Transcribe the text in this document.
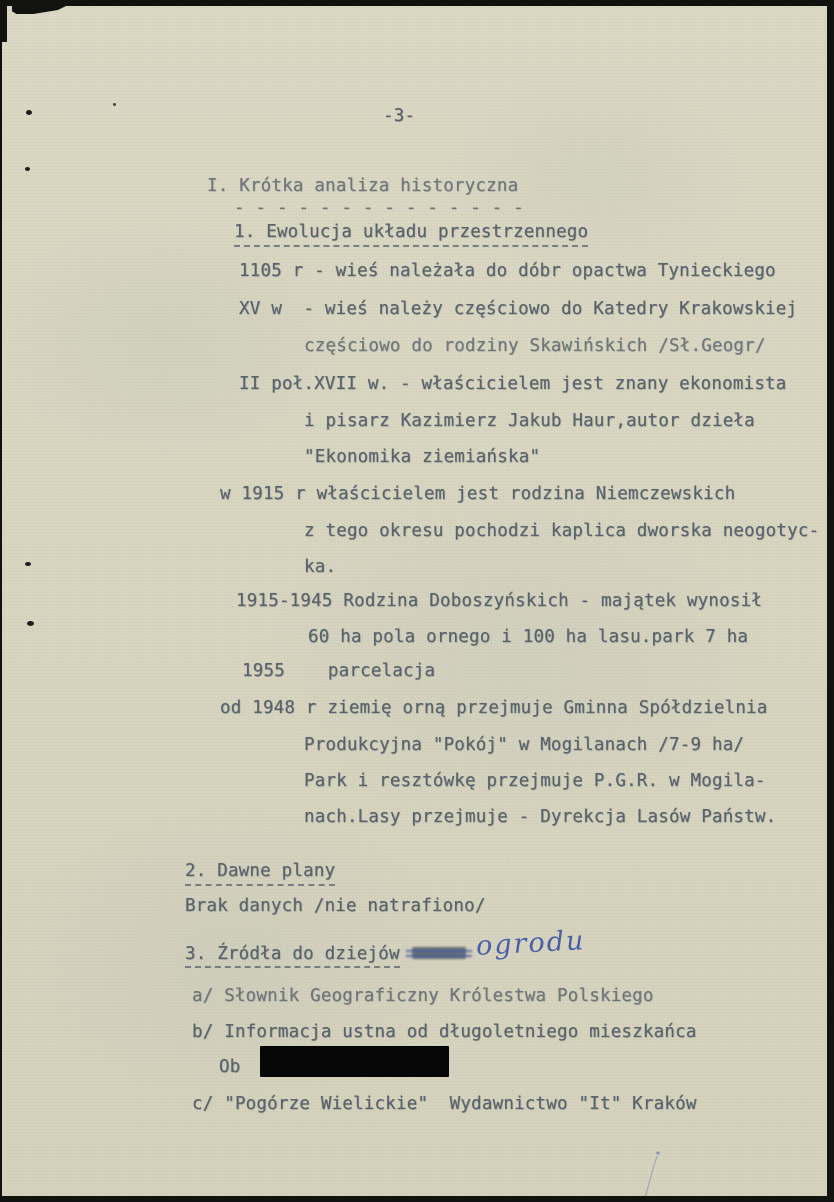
-3-
I. Krótka analiza historyczna
- - - - - - - - - - - - - -
1. Ewolucja układu przestrzennego
1105 r - wieś należała do dóbr opactwa Tynieckiego
XV w  - wieś należy częściowo do Katedry Krakowskiej
częściowo do rodziny Skawińskich /Sł.Geogr/
II poł.XVII w. - właścicielem jest znany ekonomista
i pisarz Kazimierz Jakub Haur,autor dzieła
"Ekonomika ziemiańska"
w 1915 r właścicielem jest rodzina Niemczewskich
z tego okresu pochodzi kaplica dworska neogotyc-
ka.
1915-1945 Rodzina Doboszyńskich - majątek wynosił
60 ha pola ornego i 100 ha lasu.park 7 ha
1955    parcelacja
od 1948 r ziemię orną przejmuje Gminna Spółdzielnia
Produkcyjna "Pokój" w Mogilanach /7-9 ha/
Park i resztówkę przejmuje P.G.R. w Mogila-
nach.Lasy przejmuje - Dyrekcja Lasów Państw.
2. Dawne plany
Brak danych /nie natrafiono/
3. Źródła do dziejów	ogrodu
a/ Słownik Geograficzny Królestwa Polskiego
b/ Informacja ustna od długoletniego mieszkańca
Ob
c/ "Pogórze Wielickie"  Wydawnictwo "It" Kraków
